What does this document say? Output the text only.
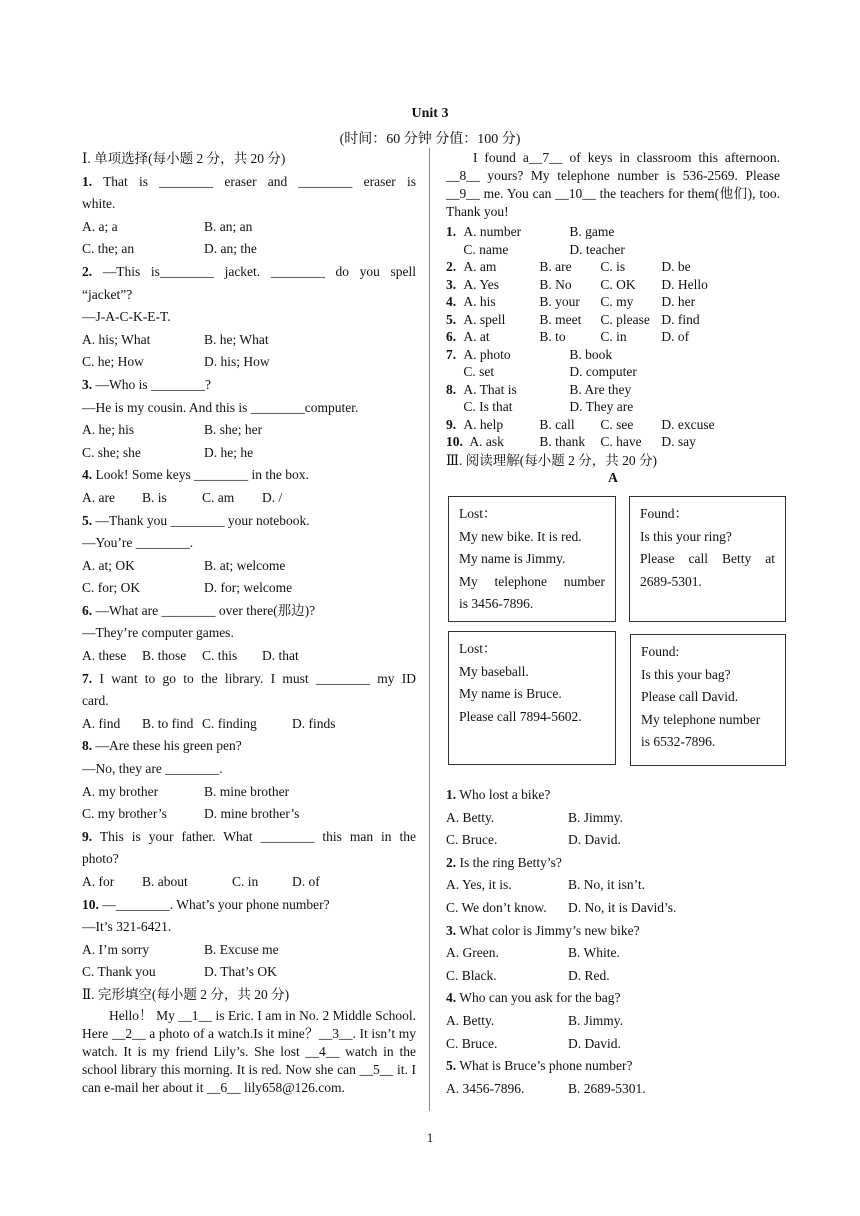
Unit 3
(时间：60 分钟 分值：100 分)
Ⅰ. 单项选择(每小题 2 分，共 20 分)
1. That is ________ eraser and ________ eraser is
white.
A. a; a	B. an; an
C. the; an	D. an; the
2. —This is________ jacket. ________ do you spell
“jacket”?
—J-A-C-K-E-T.
A. his; What	B. he; What
C. he; How	D. his; How
3. —Who is ________?
—He is my cousin. And this is ________computer.
A. he; his	B. she; her
C. she; she	D. he; he
4. Look! Some keys ________ in the box.
A. are	B. is	C. am	D. /
5. —Thank you ________ your notebook.
—You’re ________.
A. at; OK	B. at; welcome
C. for; OK	D. for; welcome
6. —What are ________ over there(那边)?
—They’re computer games.
A. these	B. those	C. this	D. that
7. I want to go to the library. I must ________ my ID
card.
A. find	B. to find C. finding	D. finds
8. —Are these his green pen?
—No, they are ________.
A. my brother	B. mine brother
C. my brother’s	D. mine brother’s
9. This is your father. What ________ this man in the
photo?
A. for	B. about	C. in	D. of
10. —________. What’s your phone number?
—It’s 321-6421.
A. I’m sorry	B. Excuse me
C. Thank you	D. That’s OK
Ⅱ. 完形填空(每小题 2 分，共 20 分)

Hello！ My __1__ is Eric. I am in No. 2 Middle School. Here __2__ a photo of a watch.Is it mine？__3__. It isn’t my watch. It is my friend Lily’s. She lost __4__ watch in the school library this morning. It is red. Now she can __5__ it. I can e-mail her about it __6__ lily658@126.com.

I found a__7__ of keys in classroom this afternoon. __8__ yours? My telephone number is 536-2569. Please __9__ me. You can __10__ the teachers for them(他们), too. Thank you!

1.
A. number	B. game

C. name	D. teacher
2.
A. am	B. are	C. is	D. be
3.
A. Yes	B. No	C. OK	D. Hello
4.
A. his	B. your	C. my	D. her
5.
A. spell	B. meet	C. please D. find
6.
A. at	B. to	C. in	D. of
7.
A. photo	B. book

C. set	D. computer
8.
A. That is	B. Are they

C. Is that	D. They are
9.
A. help	B. call	C. see	D. excuse
10.
A. ask	B. thank	C. have	D. say
Ⅲ. 阅读理解(每小题 2 分，共 20 分)
A
Lost：
My new bike. It is red.
My name is Jimmy.
My telephone number
is 3456-7896.
Found：
Is this your ring?
Please call Betty at
2689-5301.
Lost：
My baseball.
My name is Bruce.
Please call 7894-5602.
Found:
Is this your bag?
Please call David.
My telephone number
is 6532-7896.
1. Who lost a bike?
A. Betty.	B. Jimmy.
C. Bruce.	D. David.
2. Is the ring Betty’s?
A. Yes, it is.	B. No, it isn’t.
C. We don’t know.	D. No, it is David’s.
3. What color is Jimmy’s new bike?
A. Green.	B. White.
C. Black.	D. Red.
4. Who can you ask for the bag?
A. Betty.	B. Jimmy.
C. Bruce.	D. David.
5. What is Bruce’s phone number?
A. 3456-7896.	B. 2689-5301.
1
